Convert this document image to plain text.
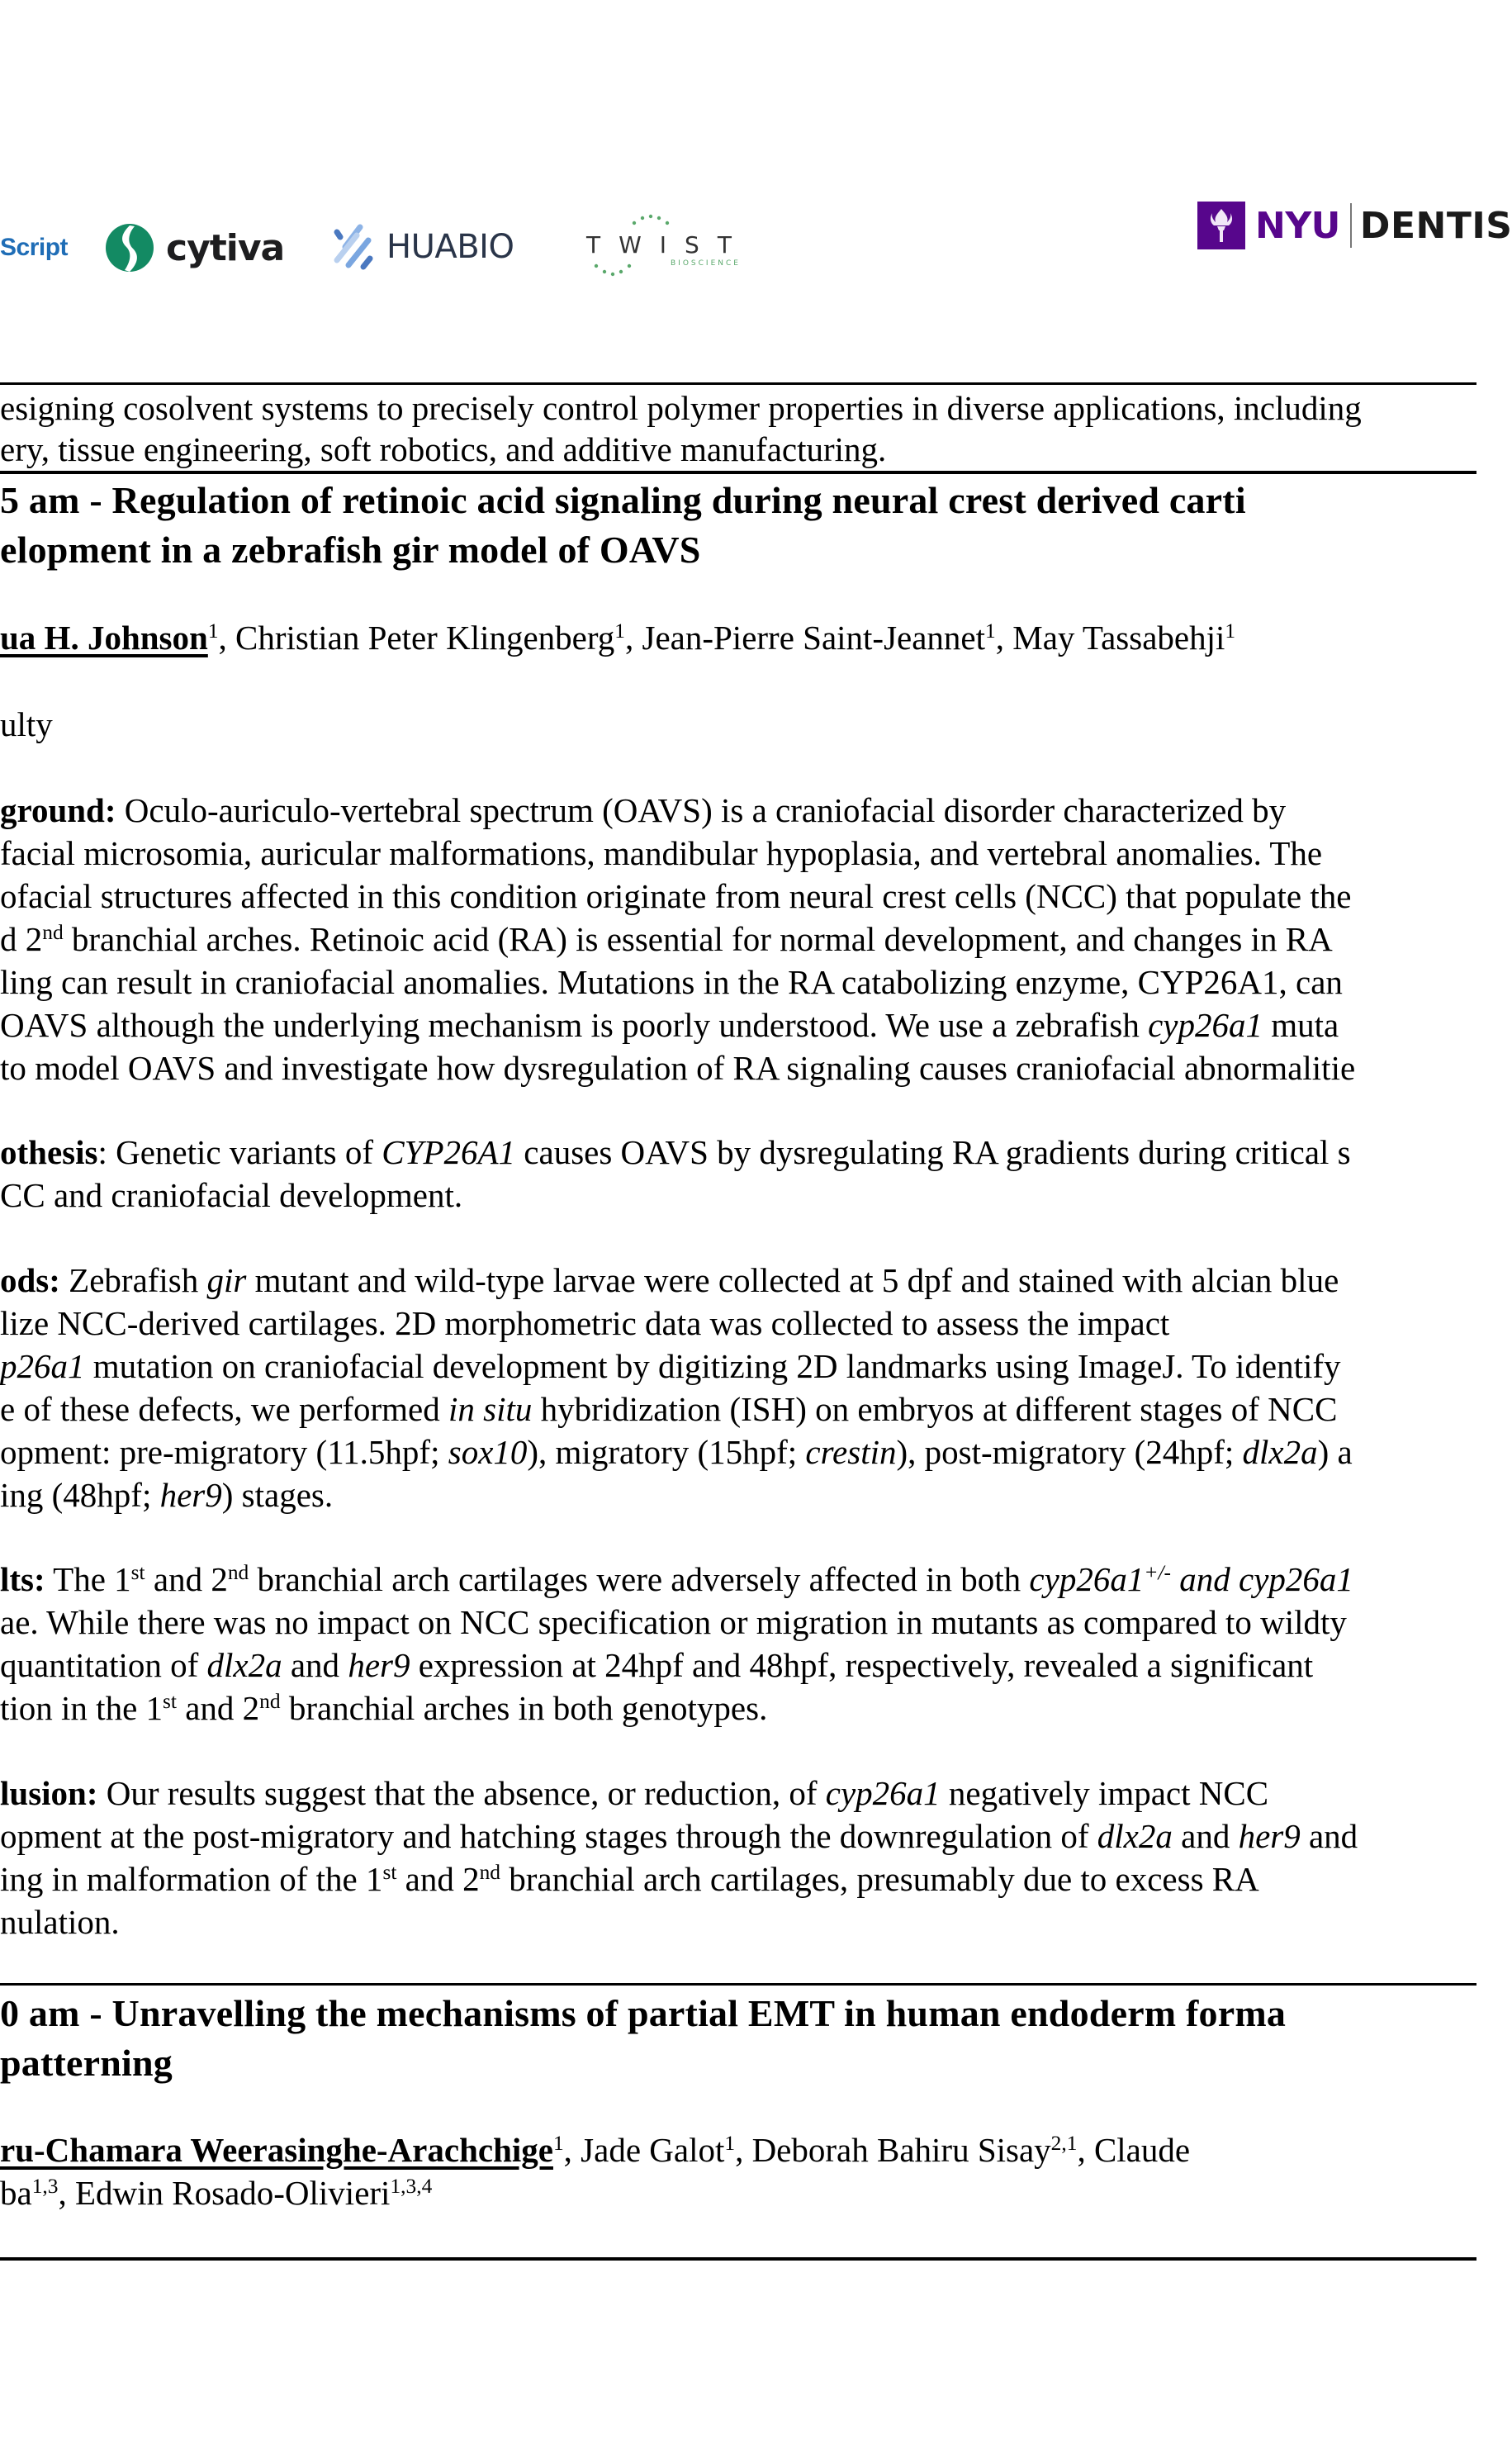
Script	cytiva	HUABIO	TWIST
BIOSCIENCE
NYU DENTIS
esigning cosolvent systems to precisely control polymer properties in diverse applications, including
ery, tissue engineering, soft robotics, and additive manufacturing.
5 am - Regulation of retinoic acid signaling during neural crest derived carti
elopment in a zebrafish gir model of OAVS
ua H. Johnson$^1$, Christian Peter Klingenberg$^1$, Jean-Pierre Saint-Jeannet$^1$, May Tassabehji$^1$
ulty
ground: Oculo-auriculo-vertebral spectrum (OAVS) is a craniofacial disorder characterized by
facial microsomia, auricular malformations, mandibular hypoplasia, and vertebral anomalies. The
ofacial structures affected in this condition originate from neural crest cells (NCC) that populate the
d 2nd branchial arches. Retinoic acid (RA) is essential for normal development, and changes in RA
ling can result in craniofacial anomalies. Mutations in the RA catabolizing enzyme, CYP26A1, can
OAVS although the underlying mechanism is poorly understood. We use a zebrafish cyp26a1 muta
to model OAVS and investigate how dysregulation of RA signaling causes craniofacial abnormalitie
othesis: Genetic variants of CYP26A1 causes OAVS by dysregulating RA gradients during critical s
CC and craniofacial development.
ods: Zebrafish gir mutant and wild-type larvae were collected at 5 dpf and stained with alcian blue
lize NCC-derived cartilages. 2D morphometric data was collected to assess the impact
p26a1 mutation on craniofacial development by digitizing 2D landmarks using ImageJ. To identify
e of these defects, we performed in situ hybridization (ISH) on embryos at different stages of NCC
opment: pre-migratory (11.5hpf; sox10), migratory (15hpf; crestin), post-migratory (24hpf; dlx2a) a
ing (48hpf; her9) stages.
lts: The 1st and 2nd branchial arch cartilages were adversely affected in both cyp26a1+/- and cyp26a1
ae. While there was no impact on NCC specification or migration in mutants as compared to wildty
quantitation of dlx2a and her9 expression at 24hpf and 48hpf, respectively, revealed a significant
tion in the 1st and 2nd branchial arches in both genotypes.
lusion: Our results suggest that the absence, or reduction, of cyp26a1 negatively impact NCC
opment at the post-migratory and hatching stages through the downregulation of dlx2a and her9 and
ing in malformation of the 1st and 2nd branchial arch cartilages, presumably due to excess RA
nulation.
0 am - Unravelling the mechanisms of partial EMT in human endoderm forma
patterning
ru-Chamara Weerasinghe-Arachchige$^1$, Jade Galot$^1$, Deborah Bahiru Sisay$^{2,1}$, Claude
ba$^{1,3}$, Edwin Rosado-Olivieri$^{1,3,4}$
